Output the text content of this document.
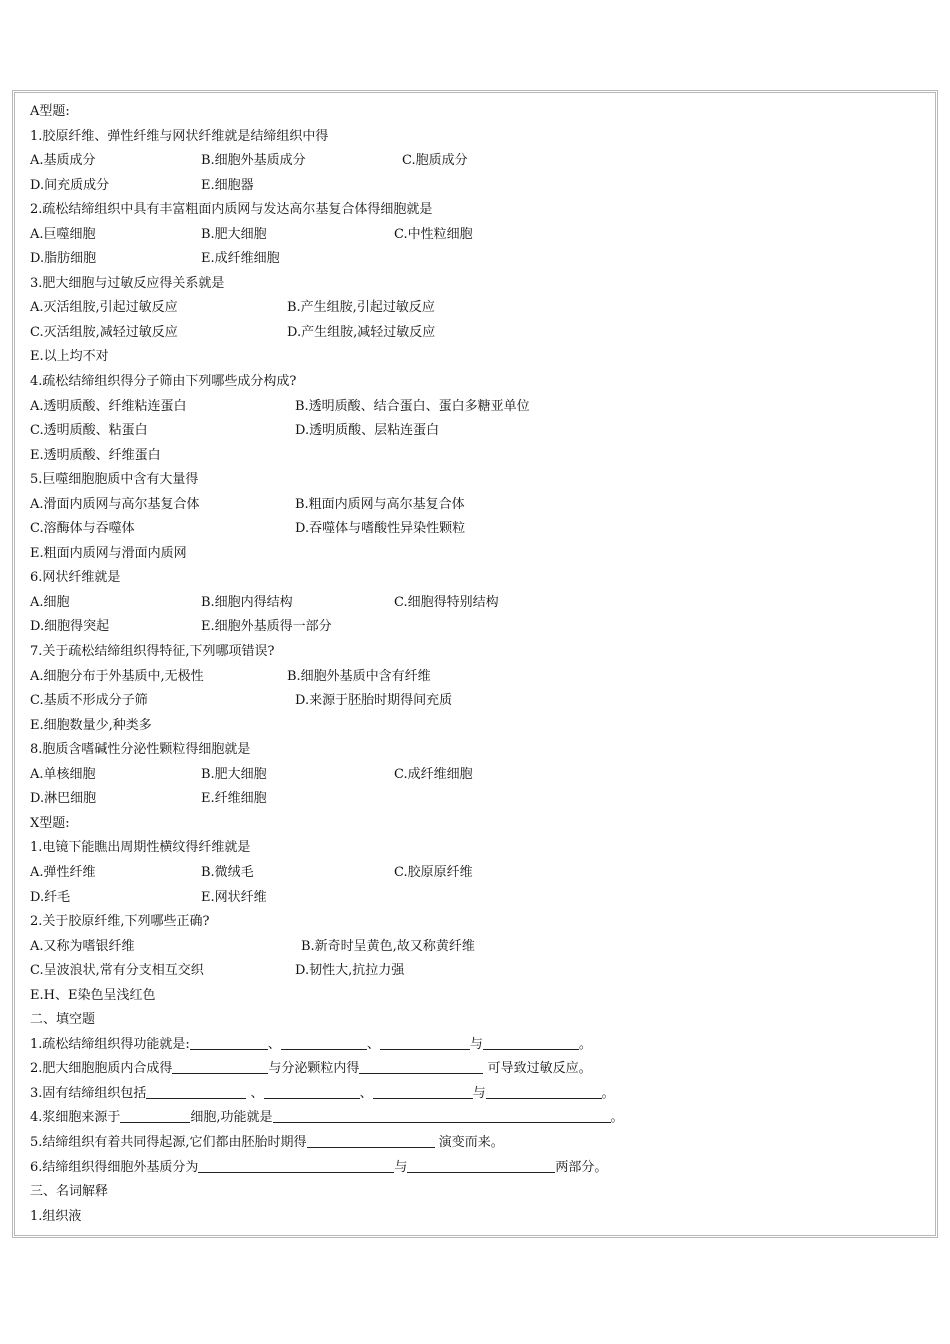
A型题:
1.胶原纤维、弹性纤维与网状纤维就是结缔组织中得
A.基质成分	B.细胞外基质成分	C.胞质成分
D.间充质成分	E.细胞器
2.疏松结缔组织中具有丰富粗面内质网与发达高尔基复合体得细胞就是
A.巨噬细胞	B.肥大细胞	C.中性粒细胞
D.脂肪细胞	E.成纤维细胞
3.肥大细胞与过敏反应得关系就是
A.灭活组胺,引起过敏反应	B.产生组胺,引起过敏反应
C.灭活组胺,减轻过敏反应	D.产生组胺,减轻过敏反应
E.以上均不对
4.疏松结缔组织得分子筛由下列哪些成分构成?
A.透明质酸、纤维粘连蛋白	B.透明质酸、结合蛋白、蛋白多糖亚单位
C.透明质酸、粘蛋白	D.透明质酸、层粘连蛋白
E.透明质酸、纤维蛋白
5.巨噬细胞胞质中含有大量得
A.滑面内质网与高尔基复合体	B.粗面内质网与高尔基复合体
C.溶酶体与吞噬体	D.吞噬体与嗜酸性异染性颗粒
E.粗面内质网与滑面内质网
6.网状纤维就是
A.细胞	B.细胞内得结构	C.细胞得特别结构
D.细胞得突起	E.细胞外基质得一部分
7.关于疏松结缔组织得特征,下列哪项错误?
A.细胞分布于外基质中,无极性	B.细胞外基质中含有纤维
C.基质不形成分子筛	D.来源于胚胎时期得间充质
E.细胞数量少,种类多
8.胞质含嗜碱性分泌性颗粒得细胞就是
A.单核细胞	B.肥大细胞	C.成纤维细胞
D.淋巴细胞	E.纤维细胞
X型题:
1.电镜下能瞧出周期性横纹得纤维就是
A.弹性纤维	B.微绒毛	C.胶原原纤维
D.纤毛	E.网状纤维
2.关于胶原纤维,下列哪些正确?
A.又称为嗜银纤维	B.新奇时呈黄色,故又称黄纤维
C.呈波浪状,常有分支相互交织	D.韧性大,抗拉力强
E.H、E染色呈浅红色
二、填空题
1.疏松结缔组织得功能就是:	、	、	与	。
2.肥大细胞胞质内合成得	与分泌颗粒内得	可导致过敏反应。
3.固有结缔组织包括	、	、	与	。
4.浆细胞来源于	细胞,功能就是	。
5.结缔组织有着共同得起源,它们都由胚胎时期得	演变而来。
6.结缔组织得细胞外基质分为	与	两部分。
三、名词解释
1.组织液
